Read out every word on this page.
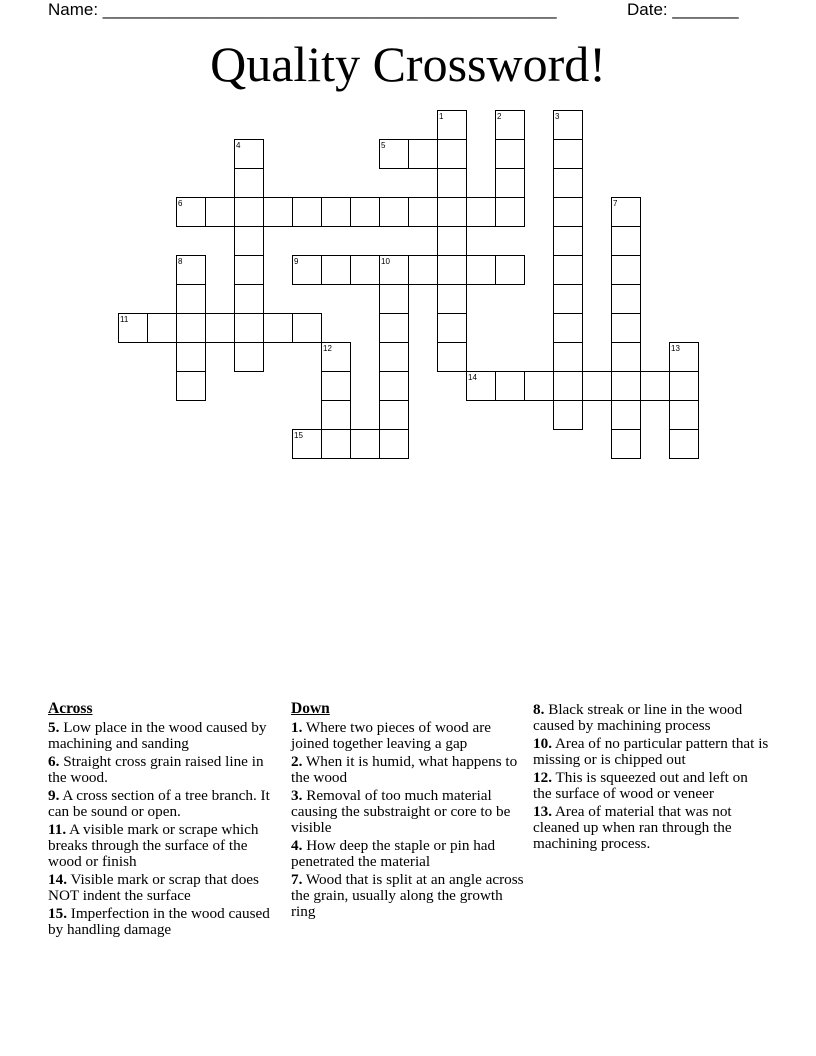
Name: ________________________________________________	Date: _______
Quality Crossword!
1	2	3
4	5
6	7
8	9	10
11
12	13
14
15
Across
5. Low place in the wood caused by machining and sanding
6. Straight cross grain raised line in the wood.
9. A cross section of a tree branch. It can be sound or open.
11. A visible mark or scrape which breaks through the surface of the wood or finish
14. Visible mark or scrap that does NOT indent the surface
15. Imperfection in the wood caused by handling damage
Down
1. Where two pieces of wood are joined together leaving a gap
2. When it is humid, what happens to the wood
3. Removal of too much material causing the substraight or core to be visible
4. How deep the staple or pin had penetrated the material
7. Wood that is split at an angle across the grain, usually along the growth ring
8. Black streak or line in the wood caused by machining process
10. Area of no particular pattern that is missing or is chipped out
12. This is squeezed out and left on the surface of wood or veneer
13. Area of material that was not cleaned up when ran through the machining process.
